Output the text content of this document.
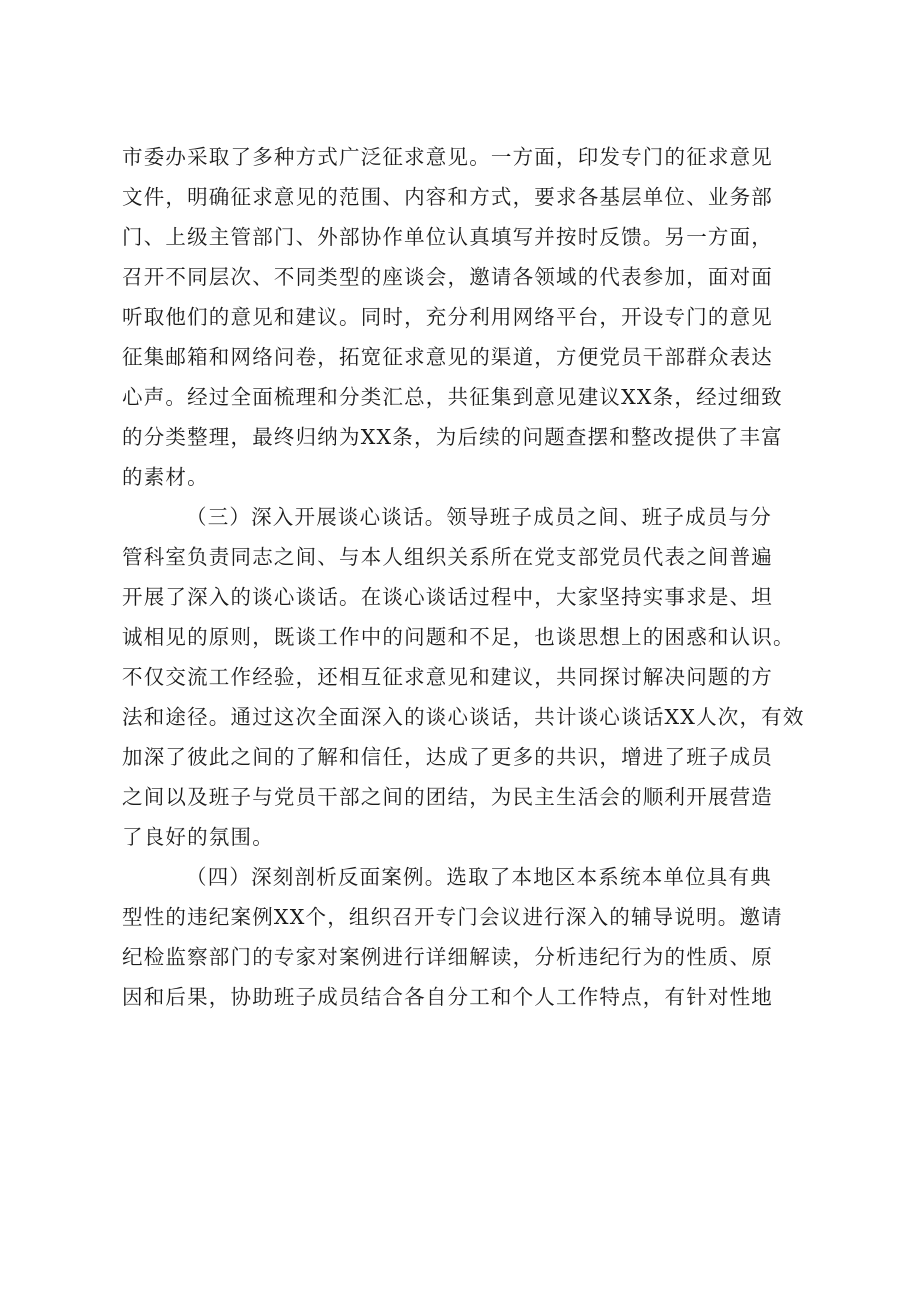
市委办采取了多种方式广泛征求意见。一方面，印发专门的征求意见
文件，明确征求意见的范围、内容和方式，要求各基层单位、业务部
门、上级主管部门、外部协作单位认真填写并按时反馈。另一方面，
召开不同层次、不同类型的座谈会，邀请各领域的代表参加，面对面
听取他们的意见和建议。同时，充分利用网络平台，开设专门的意见
征集邮箱和网络问卷，拓宽征求意见的渠道，方便党员干部群众表达
心声。经过全面梳理和分类汇总，共征集到意见建议XX条，经过细致
的分类整理，最终归纳为XX条，为后续的问题查摆和整改提供了丰富
的素材。
（三）深入开展谈心谈话。领导班子成员之间、班子成员与分
管科室负责同志之间、与本人组织关系所在党支部党员代表之间普遍
开展了深入的谈心谈话。在谈心谈话过程中，大家坚持实事求是、坦
诚相见的原则，既谈工作中的问题和不足，也谈思想上的困惑和认识。
不仅交流工作经验，还相互征求意见和建议，共同探讨解决问题的方
法和途径。通过这次全面深入的谈心谈话，共计谈心谈话XX人次，有效
加深了彼此之间的了解和信任，达成了更多的共识，增进了班子成员
之间以及班子与党员干部之间的团结，为民主生活会的顺利开展营造
了良好的氛围。
（四）深刻剖析反面案例。选取了本地区本系统本单位具有典
型性的违纪案例XX个，组织召开专门会议进行深入的辅导说明。邀请
纪检监察部门的专家对案例进行详细解读，分析违纪行为的性质、原
因和后果，协助班子成员结合各自分工和个人工作特点，有针对性地
